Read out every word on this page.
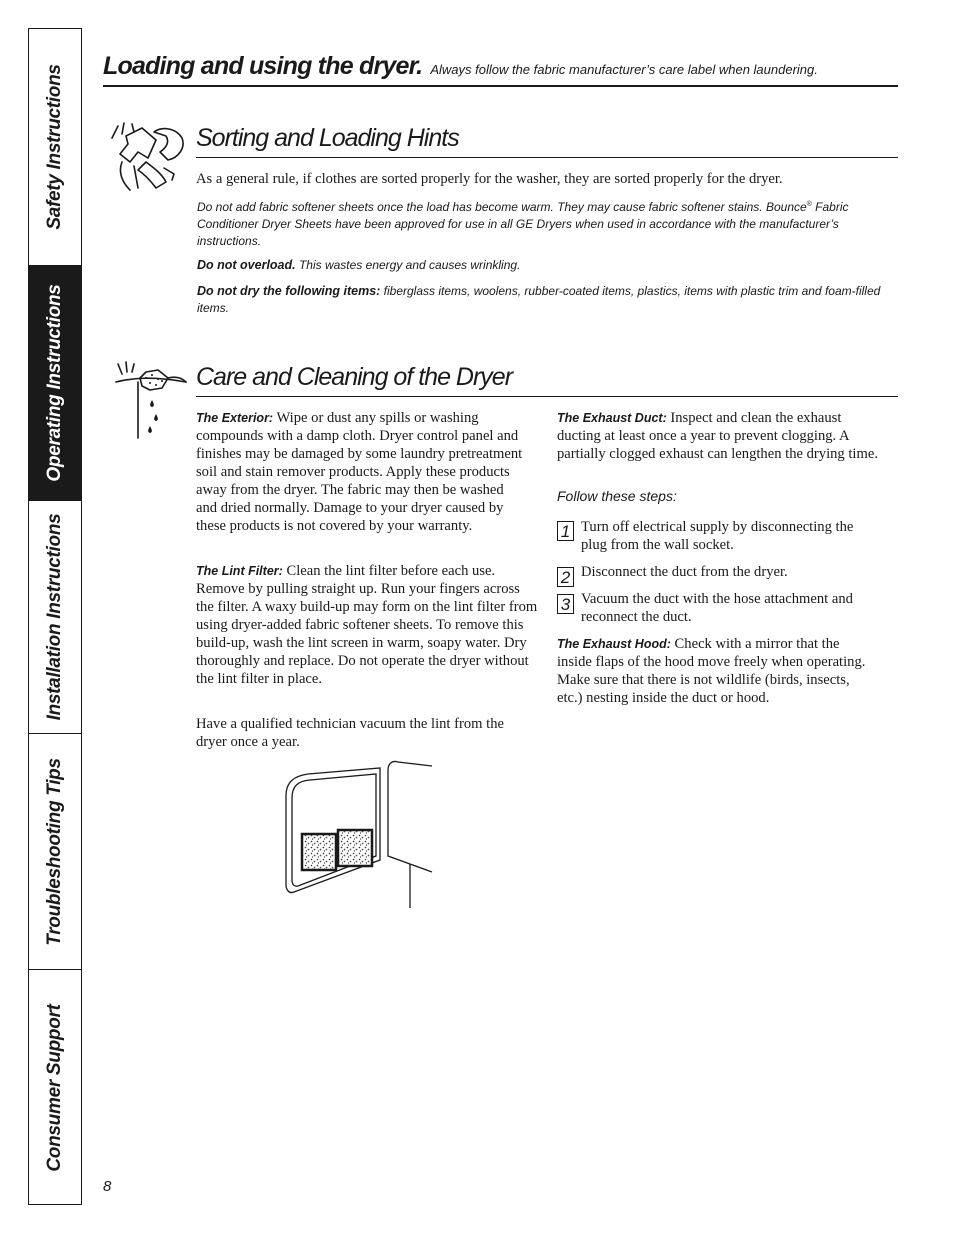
Safety Instructions
Operating Instructions
Installation Instructions
Troubleshooting Tips
Consumer Support
Loading and using the dryer. Always follow the fabric manufacturer’s care label when laundering.
Sorting and Loading Hints

As a general rule, if clothes are sorted properly for the washer, they are sorted properly for the dryer.

Do not add fabric softener sheets once the load has become warm. They may cause fabric softener stains. Bounce® Fabric Conditioner Dryer Sheets have been approved for use in all GE Dryers when used in accordance with the manufacturer’s instructions.

Do not overload. This wastes energy and causes wrinkling.

Do not dry the following items: fiberglass items, woolens, rubber-coated items, plastics, items with plastic trim and foam-filled items.

Care and Cleaning of the Dryer

The Exterior: Wipe or dust any spills or washing compounds with a damp cloth. Dryer control panel and finishes may be damaged by some laundry pretreatment soil and stain remover products. Apply these products away from the dryer. The fabric may then be washed and dried normally. Damage to your dryer caused by these products is not covered by your warranty.

The Lint Filter: Clean the lint filter before each use. Remove by pulling straight up. Run your fingers across the filter. A waxy build-up may form on the lint filter from using dryer-added fabric softener sheets. To remove this build-up, wash the lint screen in warm, soapy water. Dry thoroughly and replace. Do not operate the dryer without the lint filter in place.

Have a qualified technician vacuum the lint from the dryer once a year.

The Exhaust Duct: Inspect and clean the exhaust ducting at least once a year to prevent clogging. A partially clogged exhaust can lengthen the drying time.

Follow these steps:

1 Turn off electrical supply by disconnecting the plug from the wall socket.

2 Disconnect the duct from the dryer.

3 Vacuum the duct with the hose attachment and reconnect the duct.

The Exhaust Hood: Check with a mirror that the inside flaps of the hood move freely when operating. Make sure that there is not wildlife (birds, insects, etc.) nesting inside the duct or hood.

8
